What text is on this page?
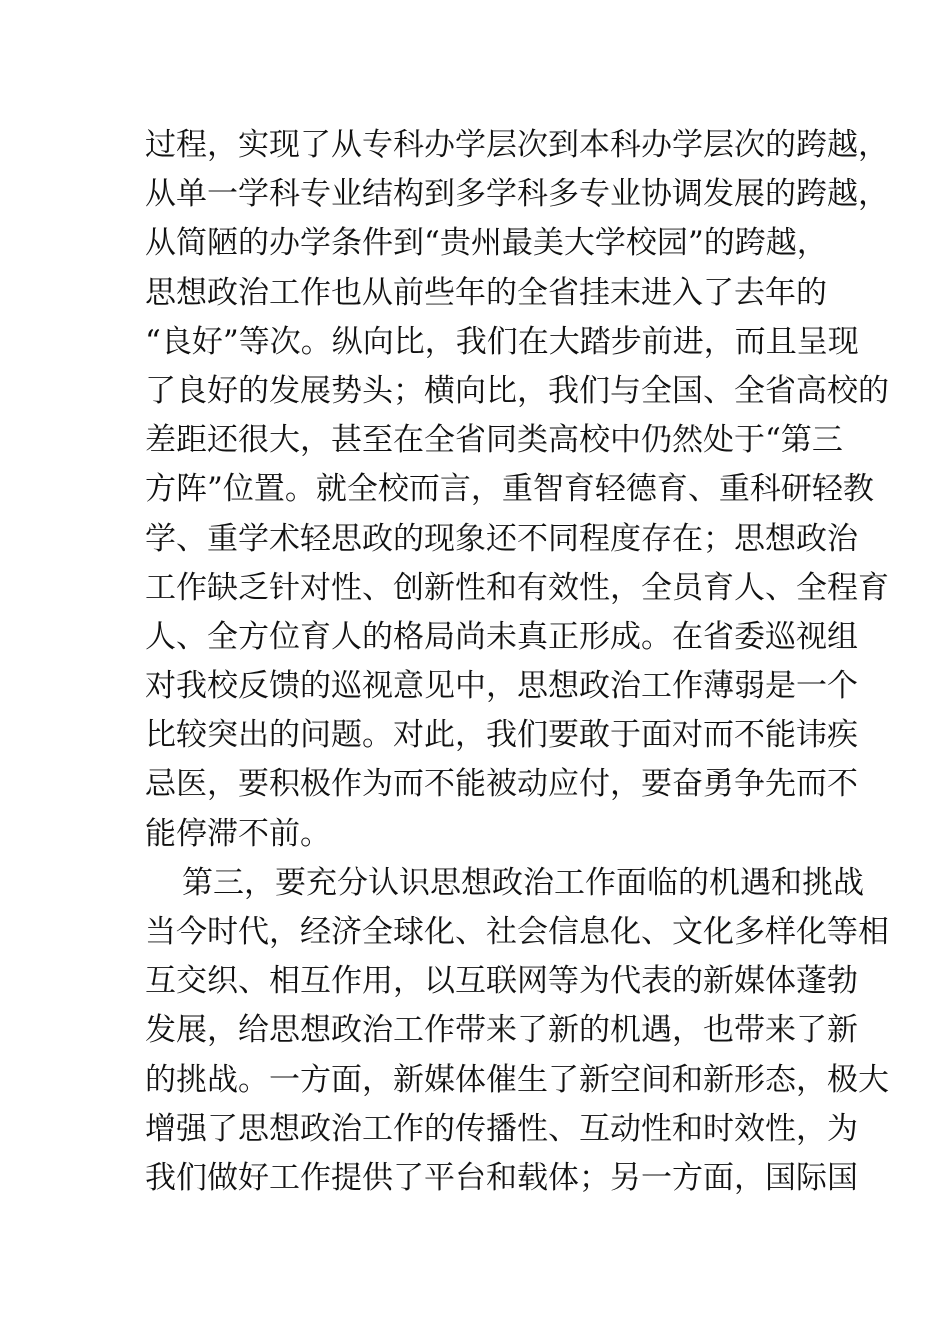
过程，实现了从专科办学层次到本科办学层次的跨越，
从单一学科专业结构到多学科多专业协调发展的跨越，
从简陋的办学条件到“贵州最美大学校园”的跨越，
思想政治工作也从前些年的全省挂末进入了去年的
“良好”等次。纵向比，我们在大踏步前进，而且呈现
了良好的发展势头；横向比，我们与全国、全省高校的
差距还很大，甚至在全省同类高校中仍然处于“第三
方阵”位置。就全校而言，重智育轻德育、重科研轻教
学、重学术轻思政的现象还不同程度存在；思想政治
工作缺乏针对性、创新性和有效性，全员育人、全程育
人、全方位育人的格局尚未真正形成。在省委巡视组
对我校反馈的巡视意见中，思想政治工作薄弱是一个
比较突出的问题。对此，我们要敢于面对而不能讳疾
忌医，要积极作为而不能被动应付，要奋勇争先而不
能停滞不前。
第三，要充分认识思想政治工作面临的机遇和挑战
当今时代，经济全球化、社会信息化、文化多样化等相
互交织、相互作用，以互联网等为代表的新媒体蓬勃
发展，给思想政治工作带来了新的机遇，也带来了新
的挑战。一方面，新媒体催生了新空间和新形态，极大
增强了思想政治工作的传播性、互动性和时效性，为
我们做好工作提供了平台和载体；另一方面，国际国
